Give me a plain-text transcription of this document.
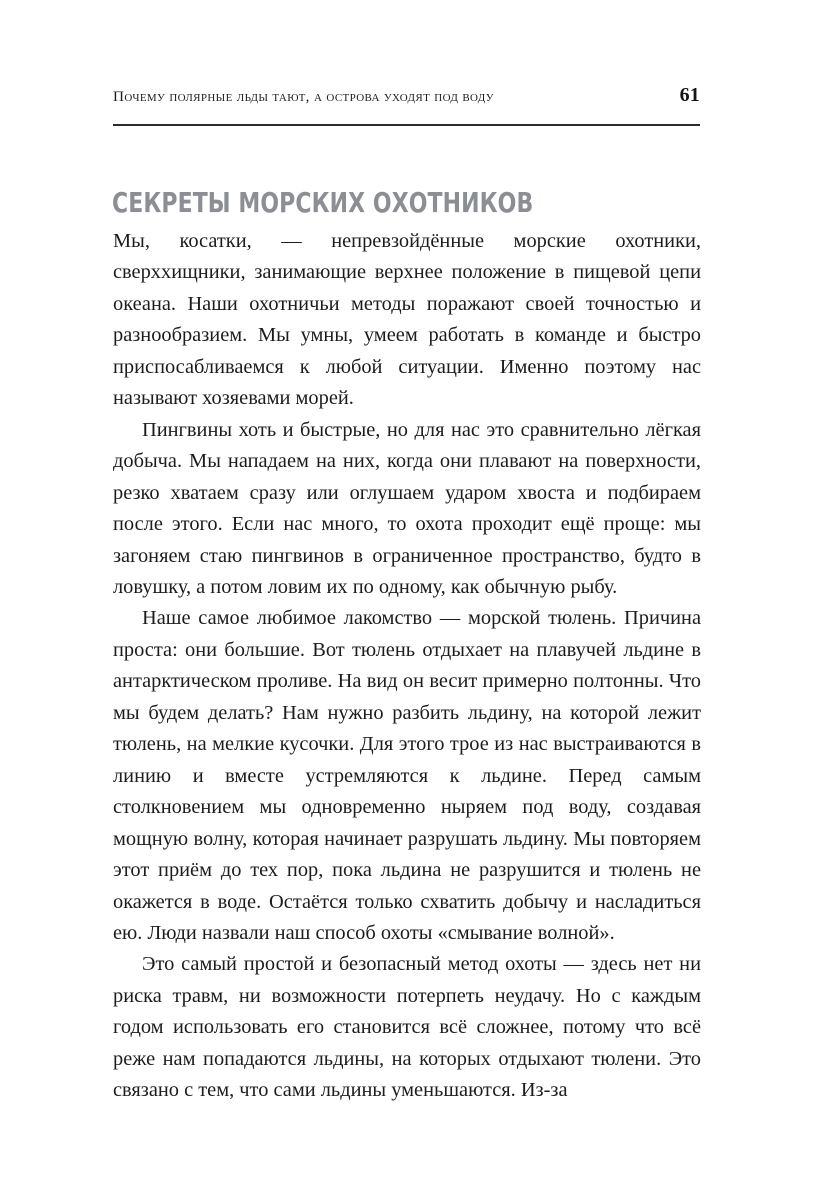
Почему полярные льды тают, а острова уходят под воду	61
СЕКРЕТЫ МОРСКИХ ОХОТНИКОВ

Мы, косатки, — непревзойдённые морские охотники, сверххищники, занимающие верхнее положение в пищевой цепи океана. Наши охотничьи методы поражают своей точностью и разнообразием. Мы умны, умеем работать в команде и быстро приспосабливаемся к любой ситуации. Именно поэтому нас называют хозяевами морей.

Пингвины хоть и быстрые, но для нас это сравнительно лёгкая добыча. Мы нападаем на них, когда они плавают на поверхности, резко хватаем сразу или оглушаем ударом хвоста и подбираем после этого. Если нас много, то охота проходит ещё проще: мы загоняем стаю пингвинов в ограниченное пространство, будто в ловушку, а потом ловим их по одному, как обычную рыбу.

Наше самое любимое лакомство — морской тюлень. Причина проста: они большие. Вот тюлень отдыхает на плавучей льдине в антарктическом проливе. На вид он весит примерно полтонны. Что мы будем делать? Нам нужно разбить льдину, на которой лежит тюлень, на мелкие кусочки. Для этого трое из нас выстраиваются в линию и вместе устремляются к льдине. Перед самым столкновением мы одновременно ныряем под воду, создавая мощную волну, которая начинает разрушать льдину. Мы повторяем этот приём до тех пор, пока льдина не разрушится и тюлень не окажется в воде. Остаётся только схватить добычу и насладиться ею. Люди назвали наш способ охоты «смывание волной».

Это самый простой и безопасный метод охоты — здесь нет ни риска травм, ни возможности потерпеть неудачу. Но с каждым годом использовать его становится всё сложнее, потому что всё реже нам попадаются льдины, на которых отдыхают тюлени. Это связано с тем, что сами льдины уменьшаются. Из-за
